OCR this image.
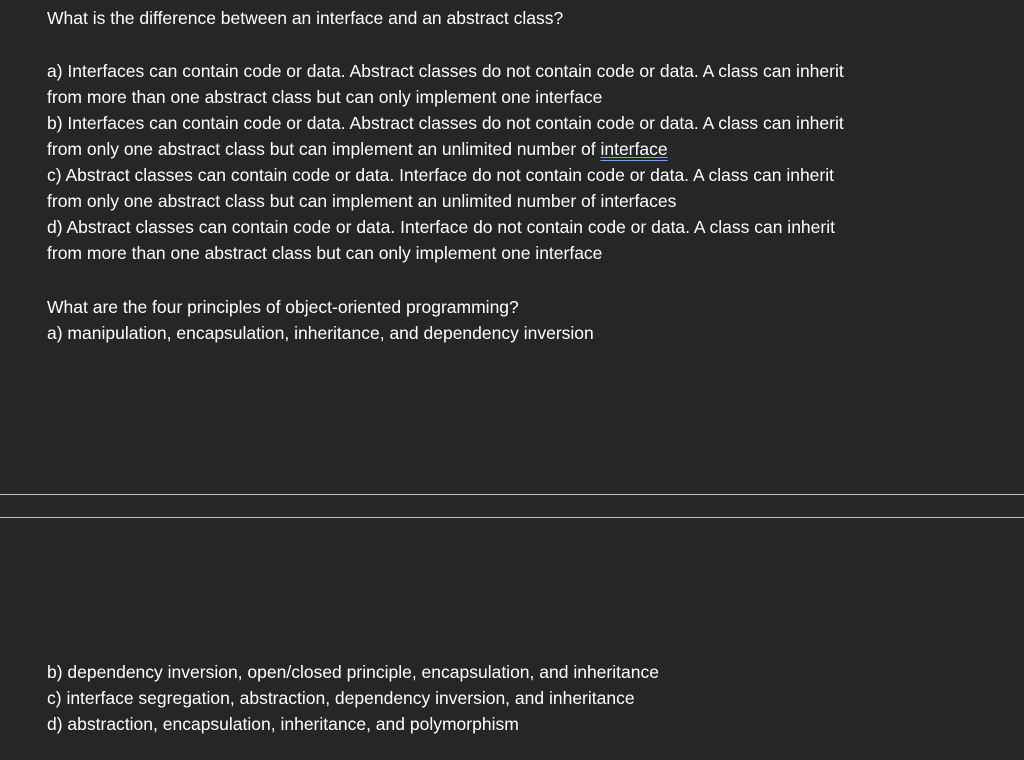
What is the difference between an interface and an abstract class?

a) Interfaces can contain code or data. Abstract classes do not contain code or data. A class can inherit
from more than one abstract class but can only implement one interface
b) Interfaces can contain code or data. Abstract classes do not contain code or data. A class can inherit
from only one abstract class but can implement an unlimited number of interface
c) Abstract classes can contain code or data. Interface do not contain code or data. A class can inherit
from only one abstract class but can implement an unlimited number of interfaces
d) Abstract classes can contain code or data. Interface do not contain code or data. A class can inherit
from more than one abstract class but can only implement one interface

What are the four principles of object-oriented programming?
a) manipulation, encapsulation, inheritance, and dependency inversion

b) dependency inversion, open/closed principle, encapsulation, and inheritance
c) interface segregation, abstraction, dependency inversion, and inheritance
d) abstraction, encapsulation, inheritance, and polymorphism
